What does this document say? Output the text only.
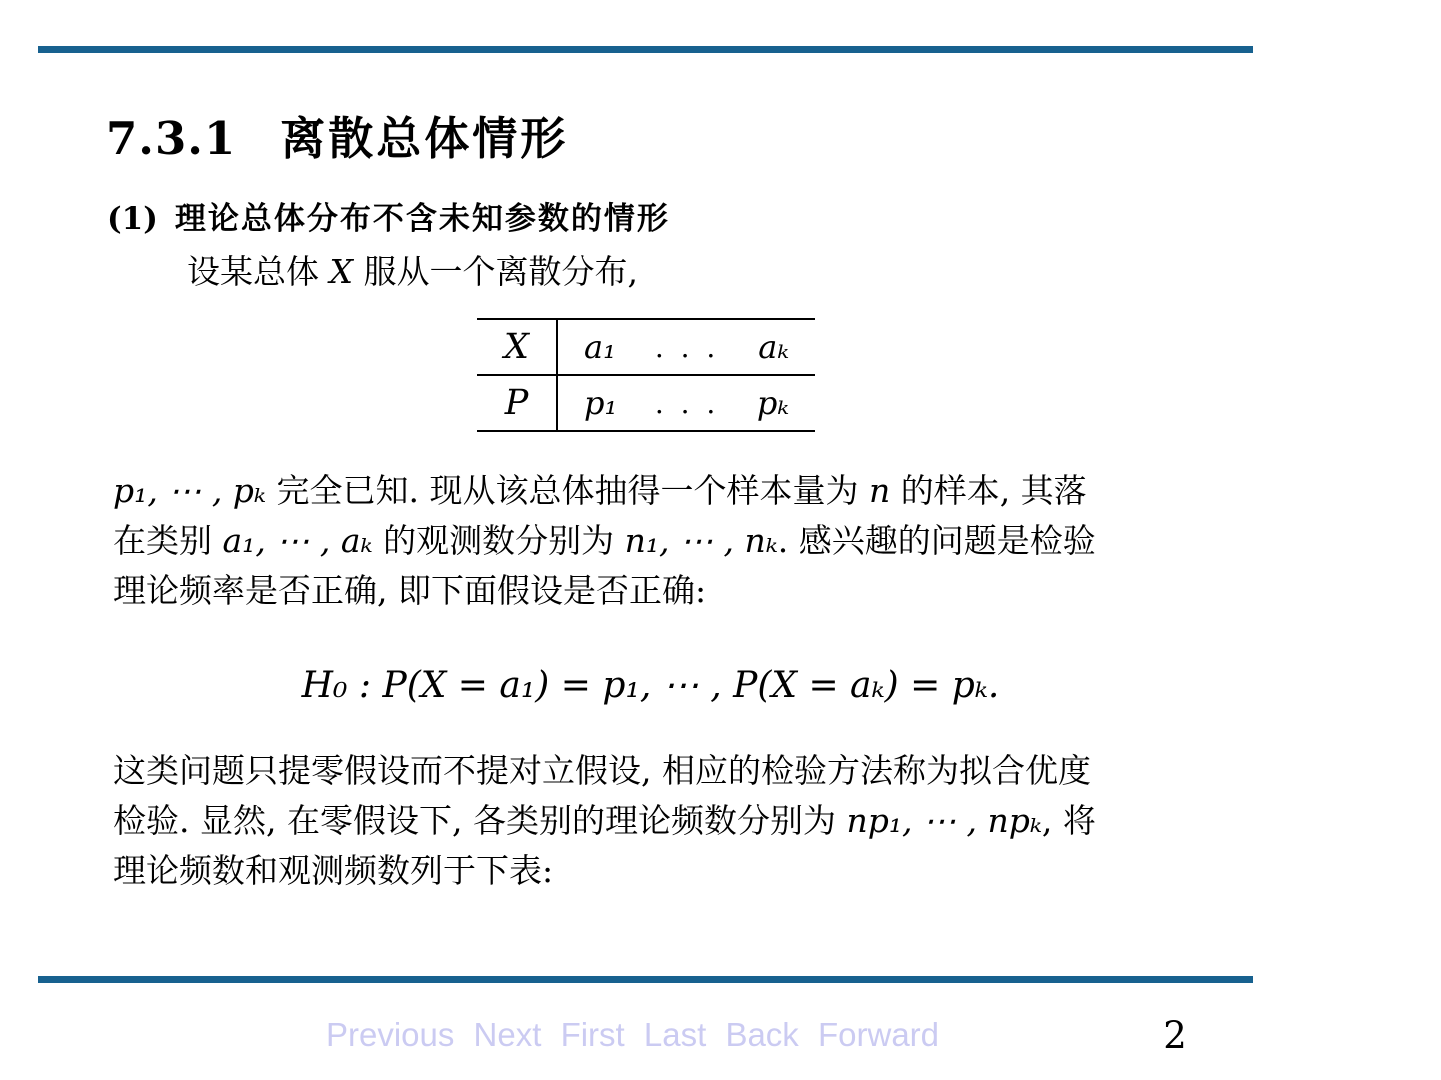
7.3.1 离散总体情形
(1) 理论总体分布不含未知参数的情形
设某总体 X 服从一个离散分布,
X	a₁ . . . aₖ
P	p₁ . . . pₖ
p₁, ⋯ , pₖ 完全已知. 现从该总体抽得一个样本量为 n 的样本, 其落
在类别 a₁, ⋯ , aₖ 的观测数分别为 n₁, ⋯ , nₖ. 感兴趣的问题是检验
理论频率是否正确, 即下面假设是否正确:
H₀ : P(X = a₁) = p₁, ⋯ , P(X = aₖ) = pₖ.
这类问题只提零假设而不提对立假设, 相应的检验方法称为拟合优度
检验. 显然, 在零假设下, 各类别的理论频数分别为 np₁, ⋯ , npₖ, 将
理论频数和观测频数列于下表:
Previous Next First Last Back Forward	2
